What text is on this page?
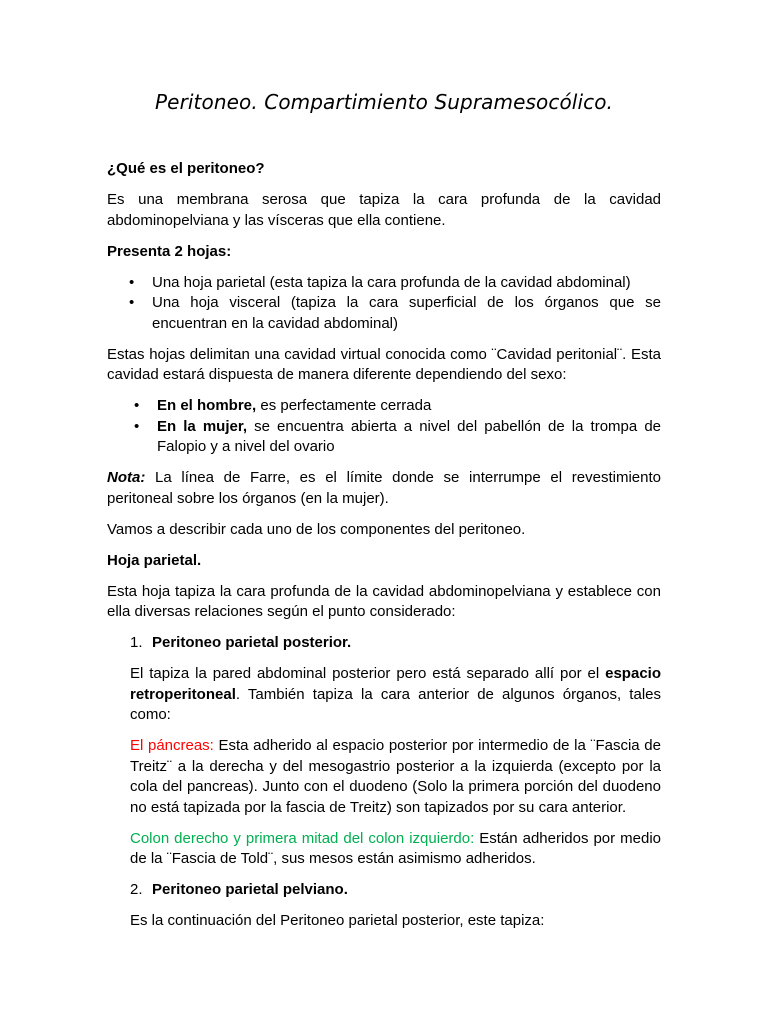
Peritoneo. Compartimiento Supramesocólico.

¿Qué es el peritoneo?

Es una membrana serosa que tapiza la cara profunda de la cavidad abdominopelviana y las vísceras que ella contiene.

Presenta 2 hojas:

• Una hoja parietal (esta tapiza la cara profunda de la cavidad abdominal)
• Una hoja visceral (tapiza la cara superficial de los órganos que se encuentran en la cavidad abdominal)

Estas hojas delimitan una cavidad virtual conocida como ¨Cavidad peritonial¨. Esta cavidad estará dispuesta de manera diferente dependiendo del sexo:

• En el hombre, es perfectamente cerrada
• En la mujer, se encuentra abierta a nivel del pabellón de la trompa de Falopio y a nivel del ovario

Nota: La línea de Farre, es el límite donde se interrumpe el revestimiento peritoneal sobre los órganos (en la mujer).

Vamos a describir cada uno de los componentes del peritoneo.

Hoja parietal.

Esta hoja tapiza la cara profunda de la cavidad abdominopelviana y establece con ella diversas relaciones según el punto considerado:

1. Peritoneo parietal posterior.

El tapiza la pared abdominal posterior pero está separado allí por el espacio retroperitoneal. También tapiza la cara anterior de algunos órganos, tales como:

El páncreas: Esta adherido al espacio posterior por intermedio de la ¨Fascia de Treitz¨ a la derecha y del mesogastrio posterior a la izquierda (excepto por la cola del pancreas). Junto con el duodeno (Solo la primera porción del duodeno no está tapizada por la fascia de Treitz) son tapizados por su cara anterior.

Colon derecho y primera mitad del colon izquierdo: Están adheridos por medio de la ¨Fascia de Told¨, sus mesos están asimismo adheridos.

2. Peritoneo parietal pelviano.

Es la continuación del Peritoneo parietal posterior, este tapiza:
